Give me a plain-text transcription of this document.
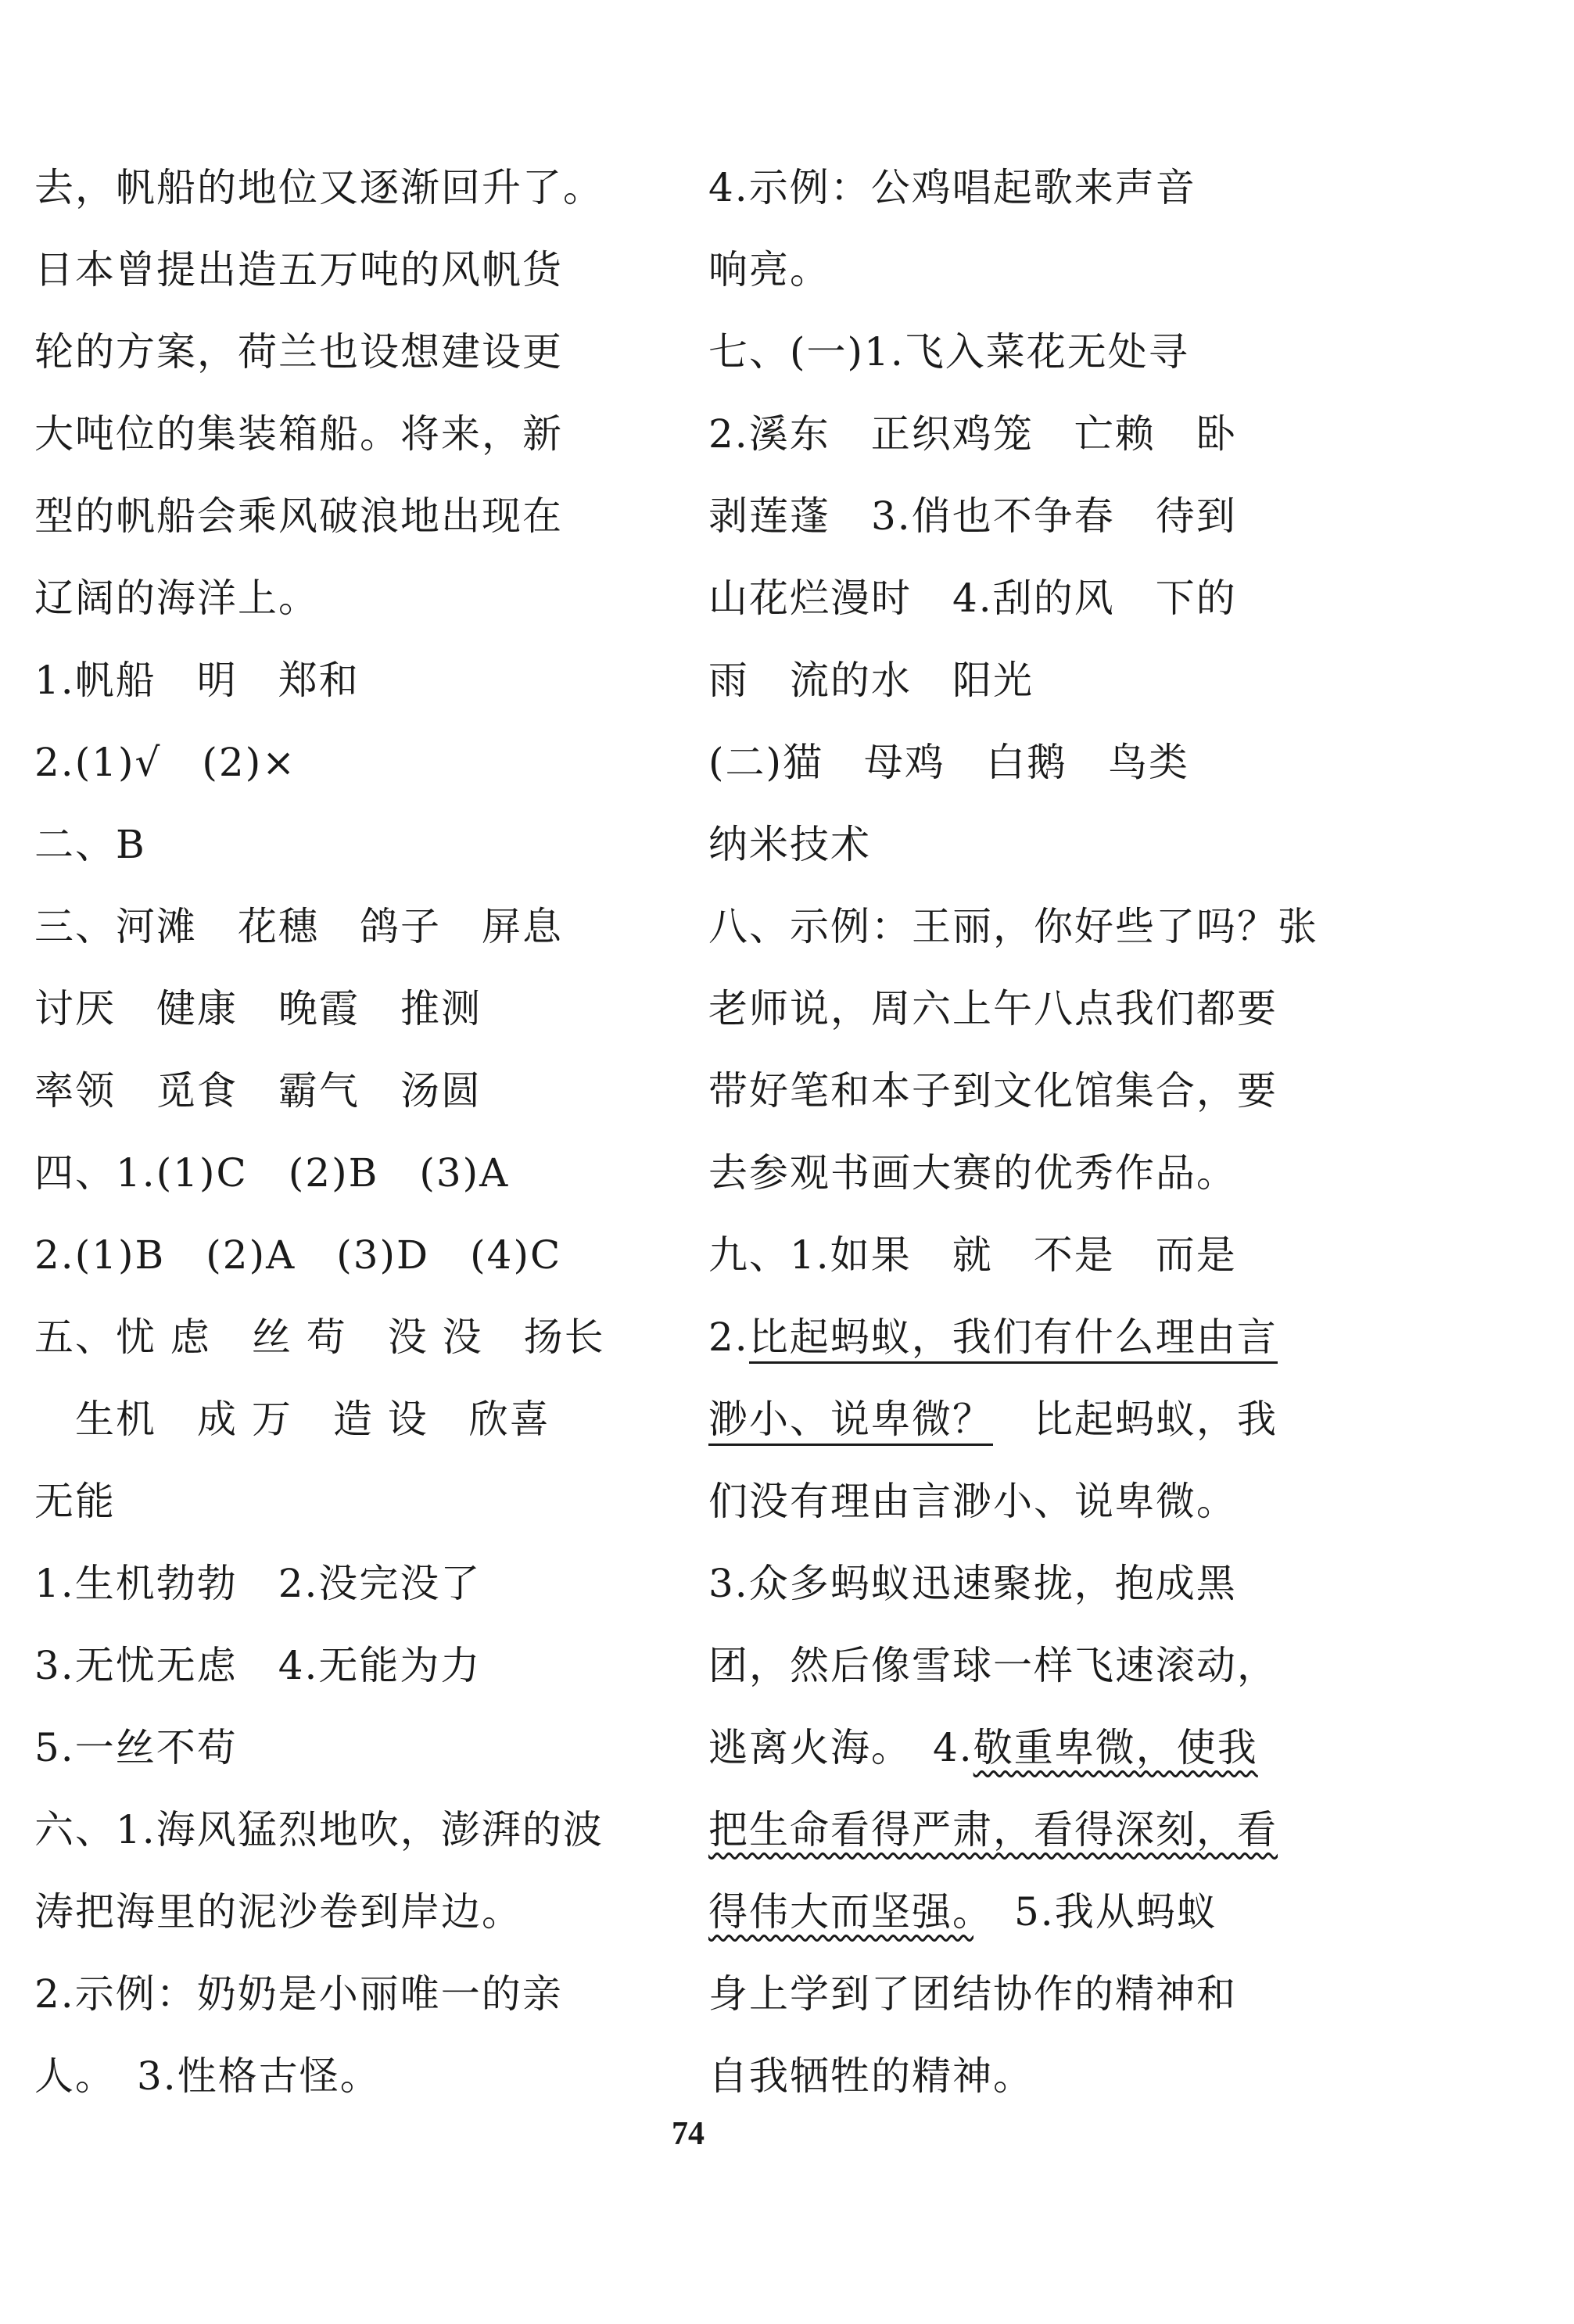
去，帆船的地位又逐渐回升了。
日本曾提出造五万吨的风帆货
轮的方案，荷兰也设想建设更
大吨位的集装箱船。将来，新
型的帆船会乘风破浪地出现在
辽阔的海洋上。
1.帆船　明　郑和
2.(1)√　(2)×
二、B
三、河滩　花穗　鸽子　屏息
讨厌　健康　晚霞　推测
率领　觅食　霸气　汤圆
四、1.(1)C　(2)B　(3)A
2.(1)B　(2)A　(3)D　(4)C
五、忧 虑　丝 苟　没 没　扬长
　生机　成 万　造 设　欣喜
无能
1.生机勃勃　2.没完没了
3.无忧无虑　4.无能为力
5.一丝不苟
六、1.海风猛烈地吹，澎湃的波
涛把海里的泥沙卷到岸边。
2.示例：奶奶是小丽唯一的亲
人。　3.性格古怪。
4.示例：公鸡唱起歌来声音
响亮。
七、(一)1.飞入菜花无处寻
2.溪东　正织鸡笼　亡赖　卧
剥莲蓬　3.俏也不争春　待到
山花烂漫时　4.刮的风　下的
雨　流的水　阳光
(二)猫　母鸡　白鹅　鸟类
纳米技术
八、示例：王丽，你好些了吗？张
老师说，周六上午八点我们都要
带好笔和本子到文化馆集合，要
去参观书画大赛的优秀作品。
九、1.如果　就　不是　而是
2.比起蚂蚁，我们有什么理由言
渺小、说卑微？　比起蚂蚁，我
们没有理由言渺小、说卑微。
3.众多蚂蚁迅速聚拢，抱成黑
团，然后像雪球一样飞速滚动，
逃离火海。　4.敬重卑微，使我
把生命看得严肃，看得深刻，看
得伟大而坚强。　5.我从蚂蚁
身上学到了团结协作的精神和
自我牺牲的精神。
74
